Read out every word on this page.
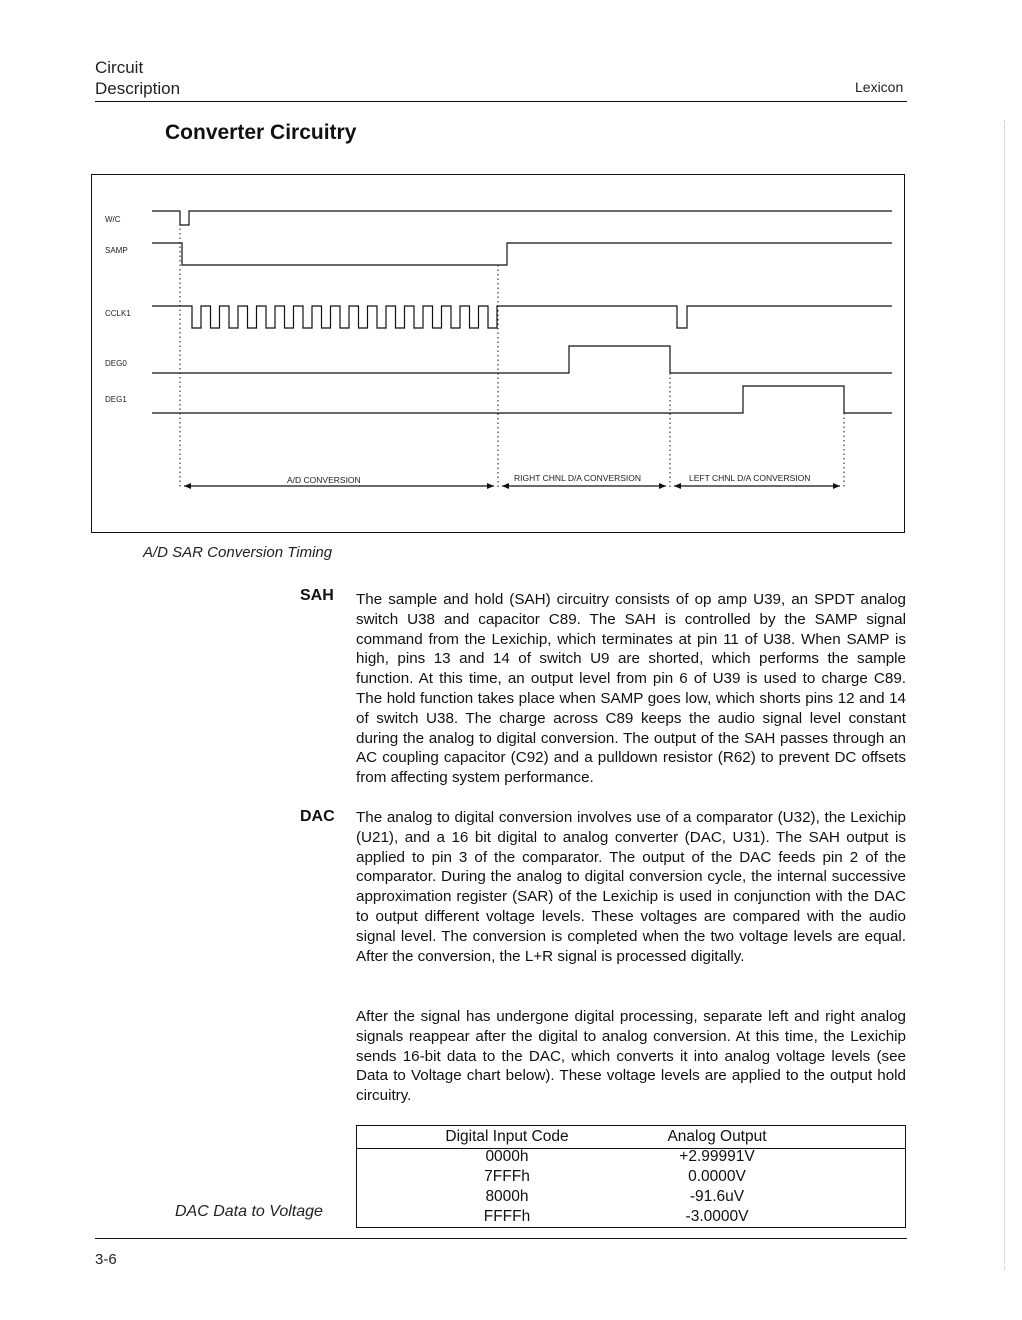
Circuit
Description	Lexicon
Converter Circuitry
W/C
SAMP
CCLK1
DEG0
DEG1
A/D CONVERSION	RIGHT CHNL D/A CONVERSION	LEFT CHNL D/A CONVERSION
A/D SAR Conversion Timing
SAH The sample and hold (SAH) circuitry consists of op amp U39, an SPDT analog switch U38 and capacitor C89. The SAH is controlled by the SAMP signal command from the Lexichip, which terminates at pin 11 of U38. When SAMP is high, pins 13 and 14 of switch U9 are shorted, which performs the sample function. At this time, an output level from pin 6 of U39 is used to charge C89. The hold function takes place when SAMP goes low, which shorts pins 12 and 14 of switch U38. The charge across C89 keeps the audio signal level constant during the analog to digital conversion. The output of the SAH passes through an AC coupling capacitor (C92) and a pulldown resistor (R62) to prevent DC offsets from affecting system performance.
DAC The analog to digital conversion involves use of a comparator (U32), the Lexichip (U21), and a 16 bit digital to analog converter (DAC, U31). The SAH output is applied to pin 3 of the comparator. The output of the DAC feeds pin 2 of the comparator. During the analog to digital conversion cycle, the internal successive approximation register (SAR) of the Lexichip is used in conjunction with the DAC to output different voltage levels. These voltages are compared with the audio signal level. The conversion is completed when the two voltage levels are equal. After the conversion, the L+R signal is processed digitally.
After the signal has undergone digital processing, separate left and right analog signals reappear after the digital to analog conversion. At this time, the Lexichip sends 16-bit data to the DAC, which converts it into analog voltage levels (see Data to Voltage chart below). These voltage levels are applied to the output hold circuitry.
DAC Data to Voltage
Digital Input Code	Analog Output
0000h	+2.99991V
7FFFh	0.0000V
8000h	-91.6uV
FFFFh	-3.0000V
3-6
